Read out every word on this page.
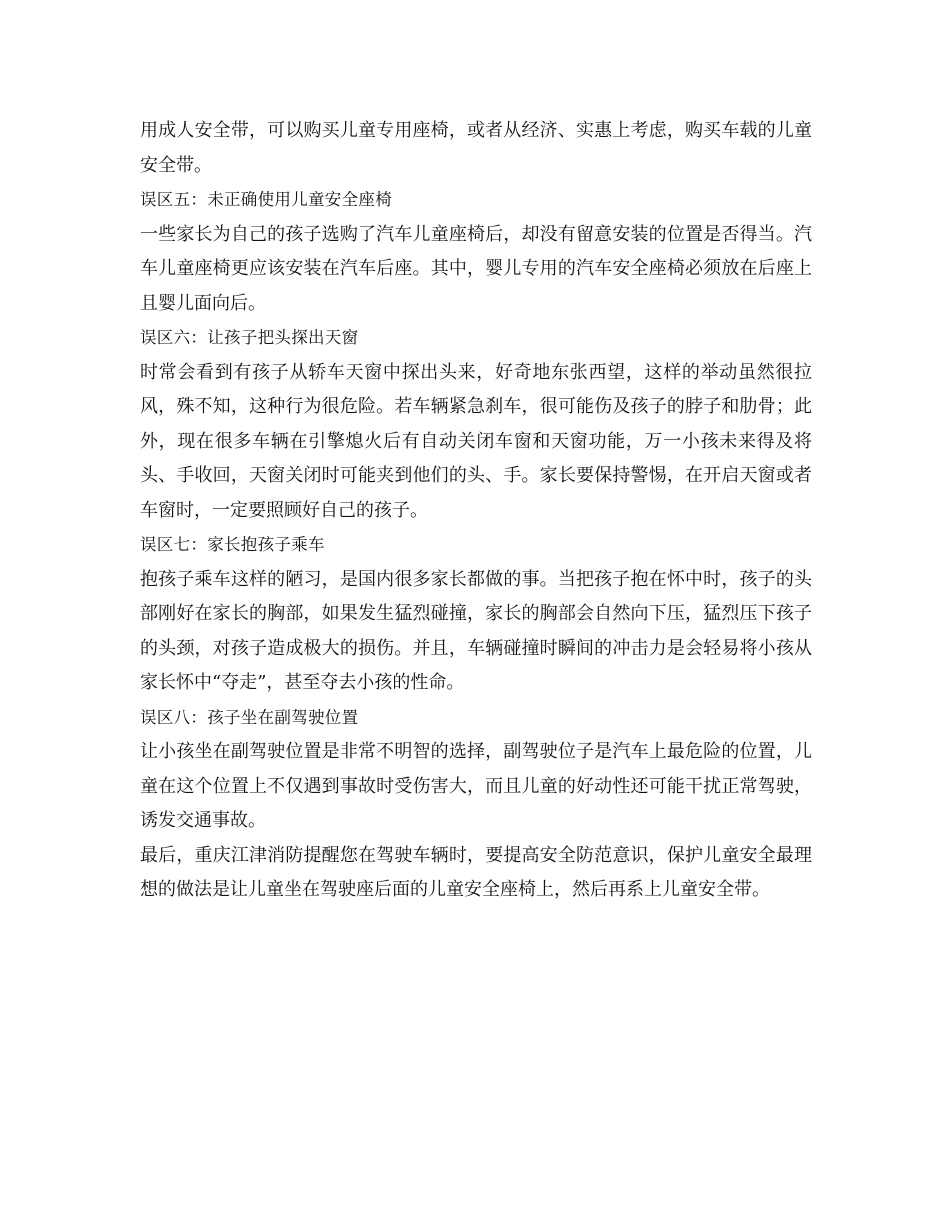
用成人安全带，可以购买儿童专用座椅，或者从经济、实惠上考虑，购买车载的儿童安全带。

误区五：未正确使用儿童安全座椅

一些家长为自己的孩子选购了汽车儿童座椅后，却没有留意安装的位置是否得当。汽车儿童座椅更应该安装在汽车后座。其中，婴儿专用的汽车安全座椅必须放在后座上且婴儿面向后。

误区六：让孩子把头探出天窗

时常会看到有孩子从轿车天窗中探出头来，好奇地东张西望，这样的举动虽然很拉风，殊不知，这种行为很危险。若车辆紧急刹车，很可能伤及孩子的脖子和肋骨；此外，现在很多车辆在引擎熄火后有自动关闭车窗和天窗功能，万一小孩未来得及将头、手收回，天窗关闭时可能夹到他们的头、手。家长要保持警惕，在开启天窗或者车窗时，一定要照顾好自己的孩子。

误区七：家长抱孩子乘车

抱孩子乘车这样的陋习，是国内很多家长都做的事。当把孩子抱在怀中时，孩子的头部刚好在家长的胸部，如果发生猛烈碰撞，家长的胸部会自然向下压，猛烈压下孩子的头颈，对孩子造成极大的损伤。并且，车辆碰撞时瞬间的冲击力是会轻易将小孩从家长怀中“夺走”，甚至夺去小孩的性命。

误区八：孩子坐在副驾驶位置

让小孩坐在副驾驶位置是非常不明智的选择，副驾驶位子是汽车上最危险的位置，儿童在这个位置上不仅遇到事故时受伤害大，而且儿童的好动性还可能干扰正常驾驶，诱发交通事故。

最后，重庆江津消防提醒您在驾驶车辆时，要提高安全防范意识，保护儿童安全最理想的做法是让儿童坐在驾驶座后面的儿童安全座椅上，然后再系上儿童安全带。
